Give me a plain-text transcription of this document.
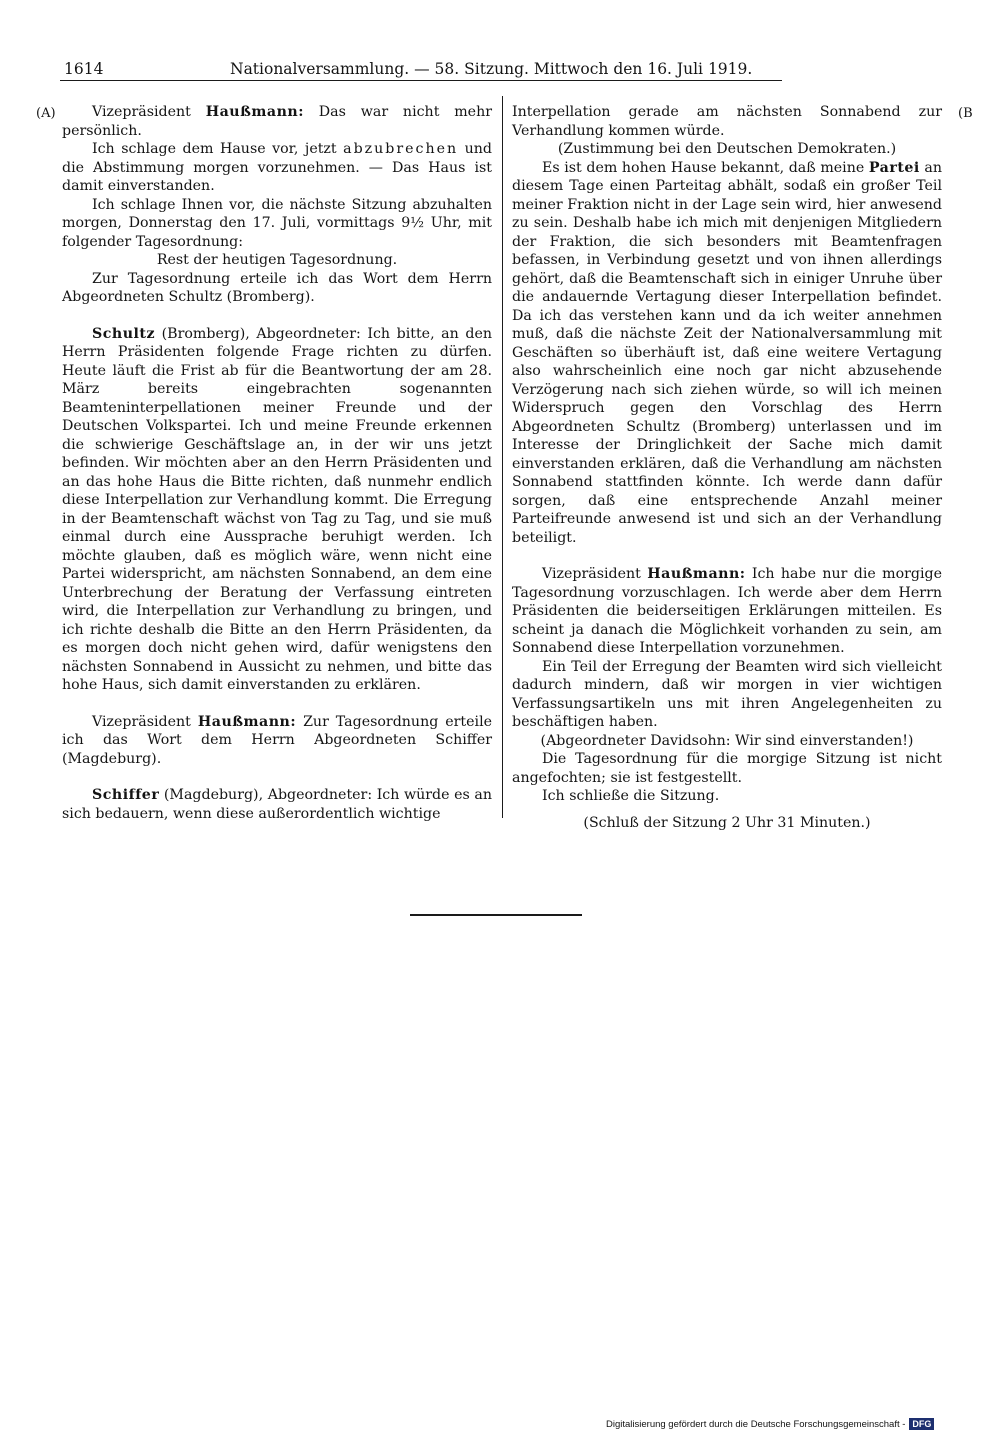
1614	Nationalversammlung. — 58. Sitzung. Mittwoch den 16. Juli 1919.
(A)	(B

Vizepräsident Haußmann: Das war nicht mehr persönlich.

Ich schlage dem Hause vor, jetzt abzubrechen und die Abstimmung morgen vorzunehmen. — Das Haus ist damit einverstanden.

Ich schlage Ihnen vor, die nächste Sitzung abzuhalten morgen, Donnerstag den 17. Juli, vormittags 9½ Uhr, mit folgender Tagesordnung:

Rest der heutigen Tagesordnung.

Zur Tagesordnung erteile ich das Wort dem Herrn Abgeordneten Schultz (Bromberg).

Schultz (Bromberg), Abgeordneter: Ich bitte, an den Herrn Präsidenten folgende Frage richten zu dürfen. Heute läuft die Frist ab für die Beantwortung der am 28. März bereits eingebrachten sogenannten Beamteninterpellationen meiner Freunde und der Deutschen Volkspartei. Ich und meine Freunde erkennen die schwierige Geschäftslage an, in der wir uns jetzt befinden. Wir möchten aber an den Herrn Präsidenten und an das hohe Haus die Bitte richten, daß nunmehr endlich diese Interpellation zur Verhandlung kommt. Die Erregung in der Beamtenschaft wächst von Tag zu Tag, und sie muß einmal durch eine Aussprache beruhigt werden. Ich möchte glauben, daß es möglich wäre, wenn nicht eine Partei widerspricht, am nächsten Sonnabend, an dem eine Unterbrechung der Beratung der Verfassung eintreten wird, die Interpellation zur Verhandlung zu bringen, und ich richte deshalb die Bitte an den Herrn Präsidenten, da es morgen doch nicht gehen wird, dafür wenigstens den nächsten Sonnabend in Aussicht zu nehmen, und bitte das hohe Haus, sich damit einverstanden zu erklären.

Vizepräsident Haußmann: Zur Tagesordnung erteile ich das Wort dem Herrn Abgeordneten Schiffer (Magdeburg).

Schiffer (Magdeburg), Abgeordneter: Ich würde es an sich bedauern, wenn diese außerordentlich wichtige

Interpellation gerade am nächsten Sonnabend zur Verhandlung kommen würde.

(Zustimmung bei den Deutschen Demokraten.)

Es ist dem hohen Hause bekannt, daß meine Partei an diesem Tage einen Parteitag abhält, sodaß ein großer Teil meiner Fraktion nicht in der Lage sein wird, hier anwesend zu sein. Deshalb habe ich mich mit denjenigen Mitgliedern der Fraktion, die sich besonders mit Beamtenfragen befassen, in Verbindung gesetzt und von ihnen allerdings gehört, daß die Beamtenschaft sich in einiger Unruhe über die andauernde Vertagung dieser Interpellation befindet. Da ich das verstehen kann und da ich weiter annehmen muß, daß die nächste Zeit der Nationalversammlung mit Geschäften so überhäuft ist, daß eine weitere Vertagung also wahrscheinlich eine noch gar nicht abzusehende Verzögerung nach sich ziehen würde, so will ich meinen Widerspruch gegen den Vorschlag des Herrn Abgeordneten Schultz (Bromberg) unterlassen und im Interesse der Dringlichkeit der Sache mich damit einverstanden erklären, daß die Verhandlung am nächsten Sonnabend stattfinden könnte. Ich werde dann dafür sorgen, daß eine entsprechende Anzahl meiner Parteifreunde anwesend ist und sich an der Verhandlung beteiligt.

Vizepräsident Haußmann: Ich habe nur die morgige Tagesordnung vorzuschlagen. Ich werde aber dem Herrn Präsidenten die beiderseitigen Erklärungen mitteilen. Es scheint ja danach die Möglichkeit vorhanden zu sein, am Sonnabend diese Interpellation vorzunehmen.

Ein Teil der Erregung der Beamten wird sich vielleicht dadurch mindern, daß wir morgen in vier wichtigen Verfassungsartikeln uns mit ihren Angelegenheiten zu beschäftigen haben.

(Abgeordneter Davidsohn: Wir sind einverstanden!)

Die Tagesordnung für die morgige Sitzung ist nicht angefochten; sie ist festgestellt.

Ich schließe die Sitzung.

(Schluß der Sitzung 2 Uhr 31 Minuten.)

Digitalisierung gefördert durch die Deutsche Forschungsgemeinschaft - DFG
